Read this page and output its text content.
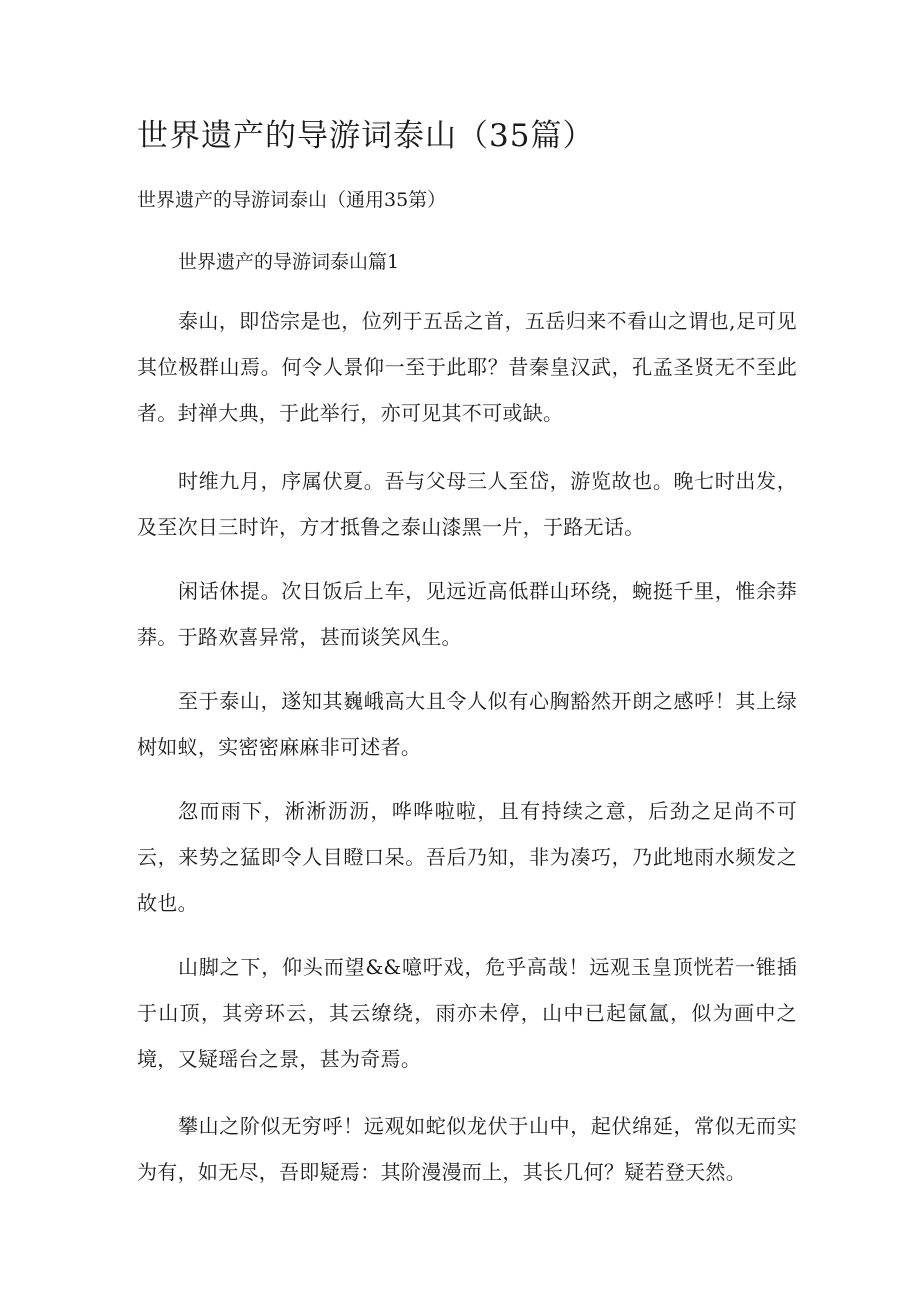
世界遗产的导游词泰山（35篇）

世界遗产的导游词泰山（通用35第）

世界遗产的导游词泰山篇1

泰山，即岱宗是也，位列于五岳之首，五岳归来不看山之谓也,足可见其位极群山焉。何令人景仰一至于此耶？昔秦皇汉武，孔孟圣贤无不至此者。封禅大典，于此举行，亦可见其不可或缺。

时维九月，序属伏夏。吾与父母三人至岱，游览故也。晚七时出发，及至次日三时许，方才抵鲁之泰山漆黑一片，于路无话。

闲话休提。次日饭后上车，见远近高低群山环绕，蜿挺千里，惟余莽莽。于路欢喜异常，甚而谈笑风生。

至于泰山，遂知其巍峨高大且令人似有心胸豁然开朗之感呼！其上绿树如蚁，实密密麻麻非可述者。

忽而雨下，淅淅沥沥，哗哗啦啦，且有持续之意，后劲之足尚不可云，来势之猛即令人目瞪口呆。吾后乃知，非为凑巧，乃此地雨水频发之故也。

山脚之下，仰头而望&&噫吁戏，危乎高哉！远观玉皇顶恍若一锥插于山顶，其旁环云，其云缭绕，雨亦未停，山中已起氤氲，似为画中之境，又疑瑶台之景，甚为奇焉。

攀山之阶似无穷呼！远观如蛇似龙伏于山中，起伏绵延，常似无而实为有，如无尽，吾即疑焉：其阶漫漫而上，其长几何？疑若登天然。
